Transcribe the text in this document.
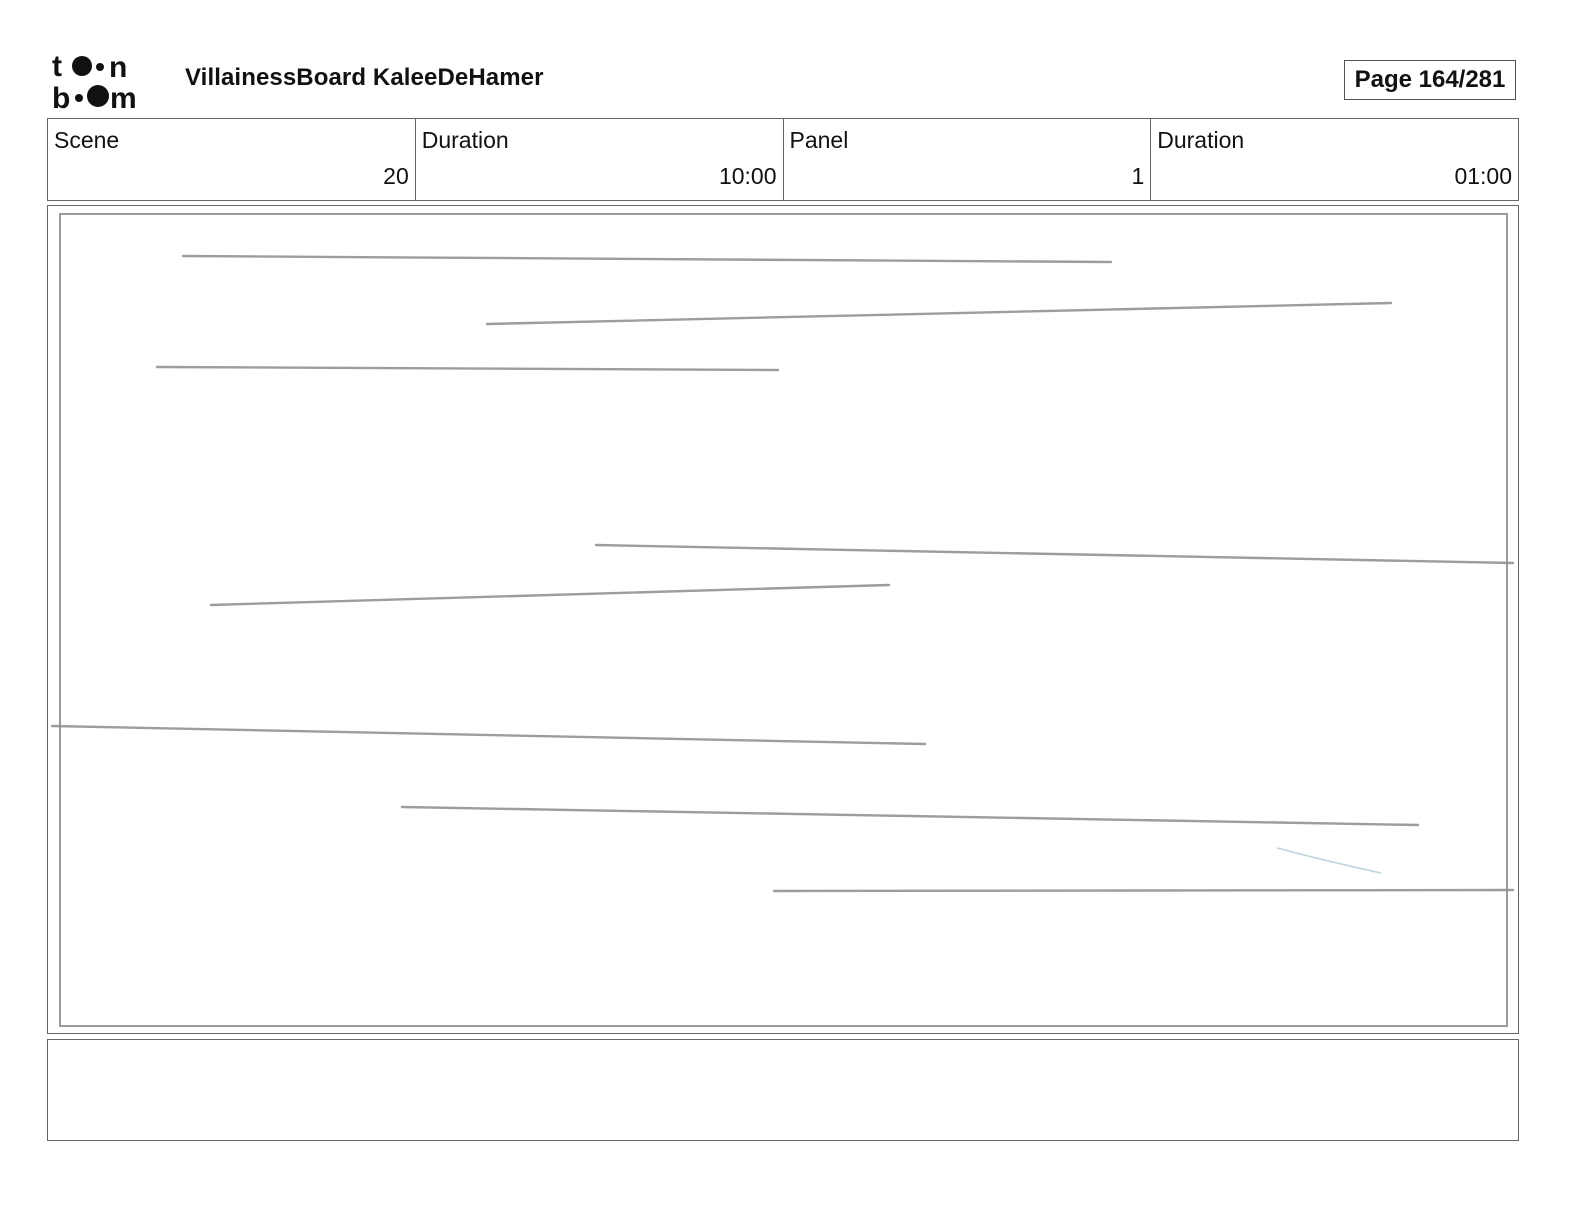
t n
b m
VillainessBoard KaleeDeHamer	Page 164/281
Scene
20
Duration
10:00
Panel
1
Duration
01:00
